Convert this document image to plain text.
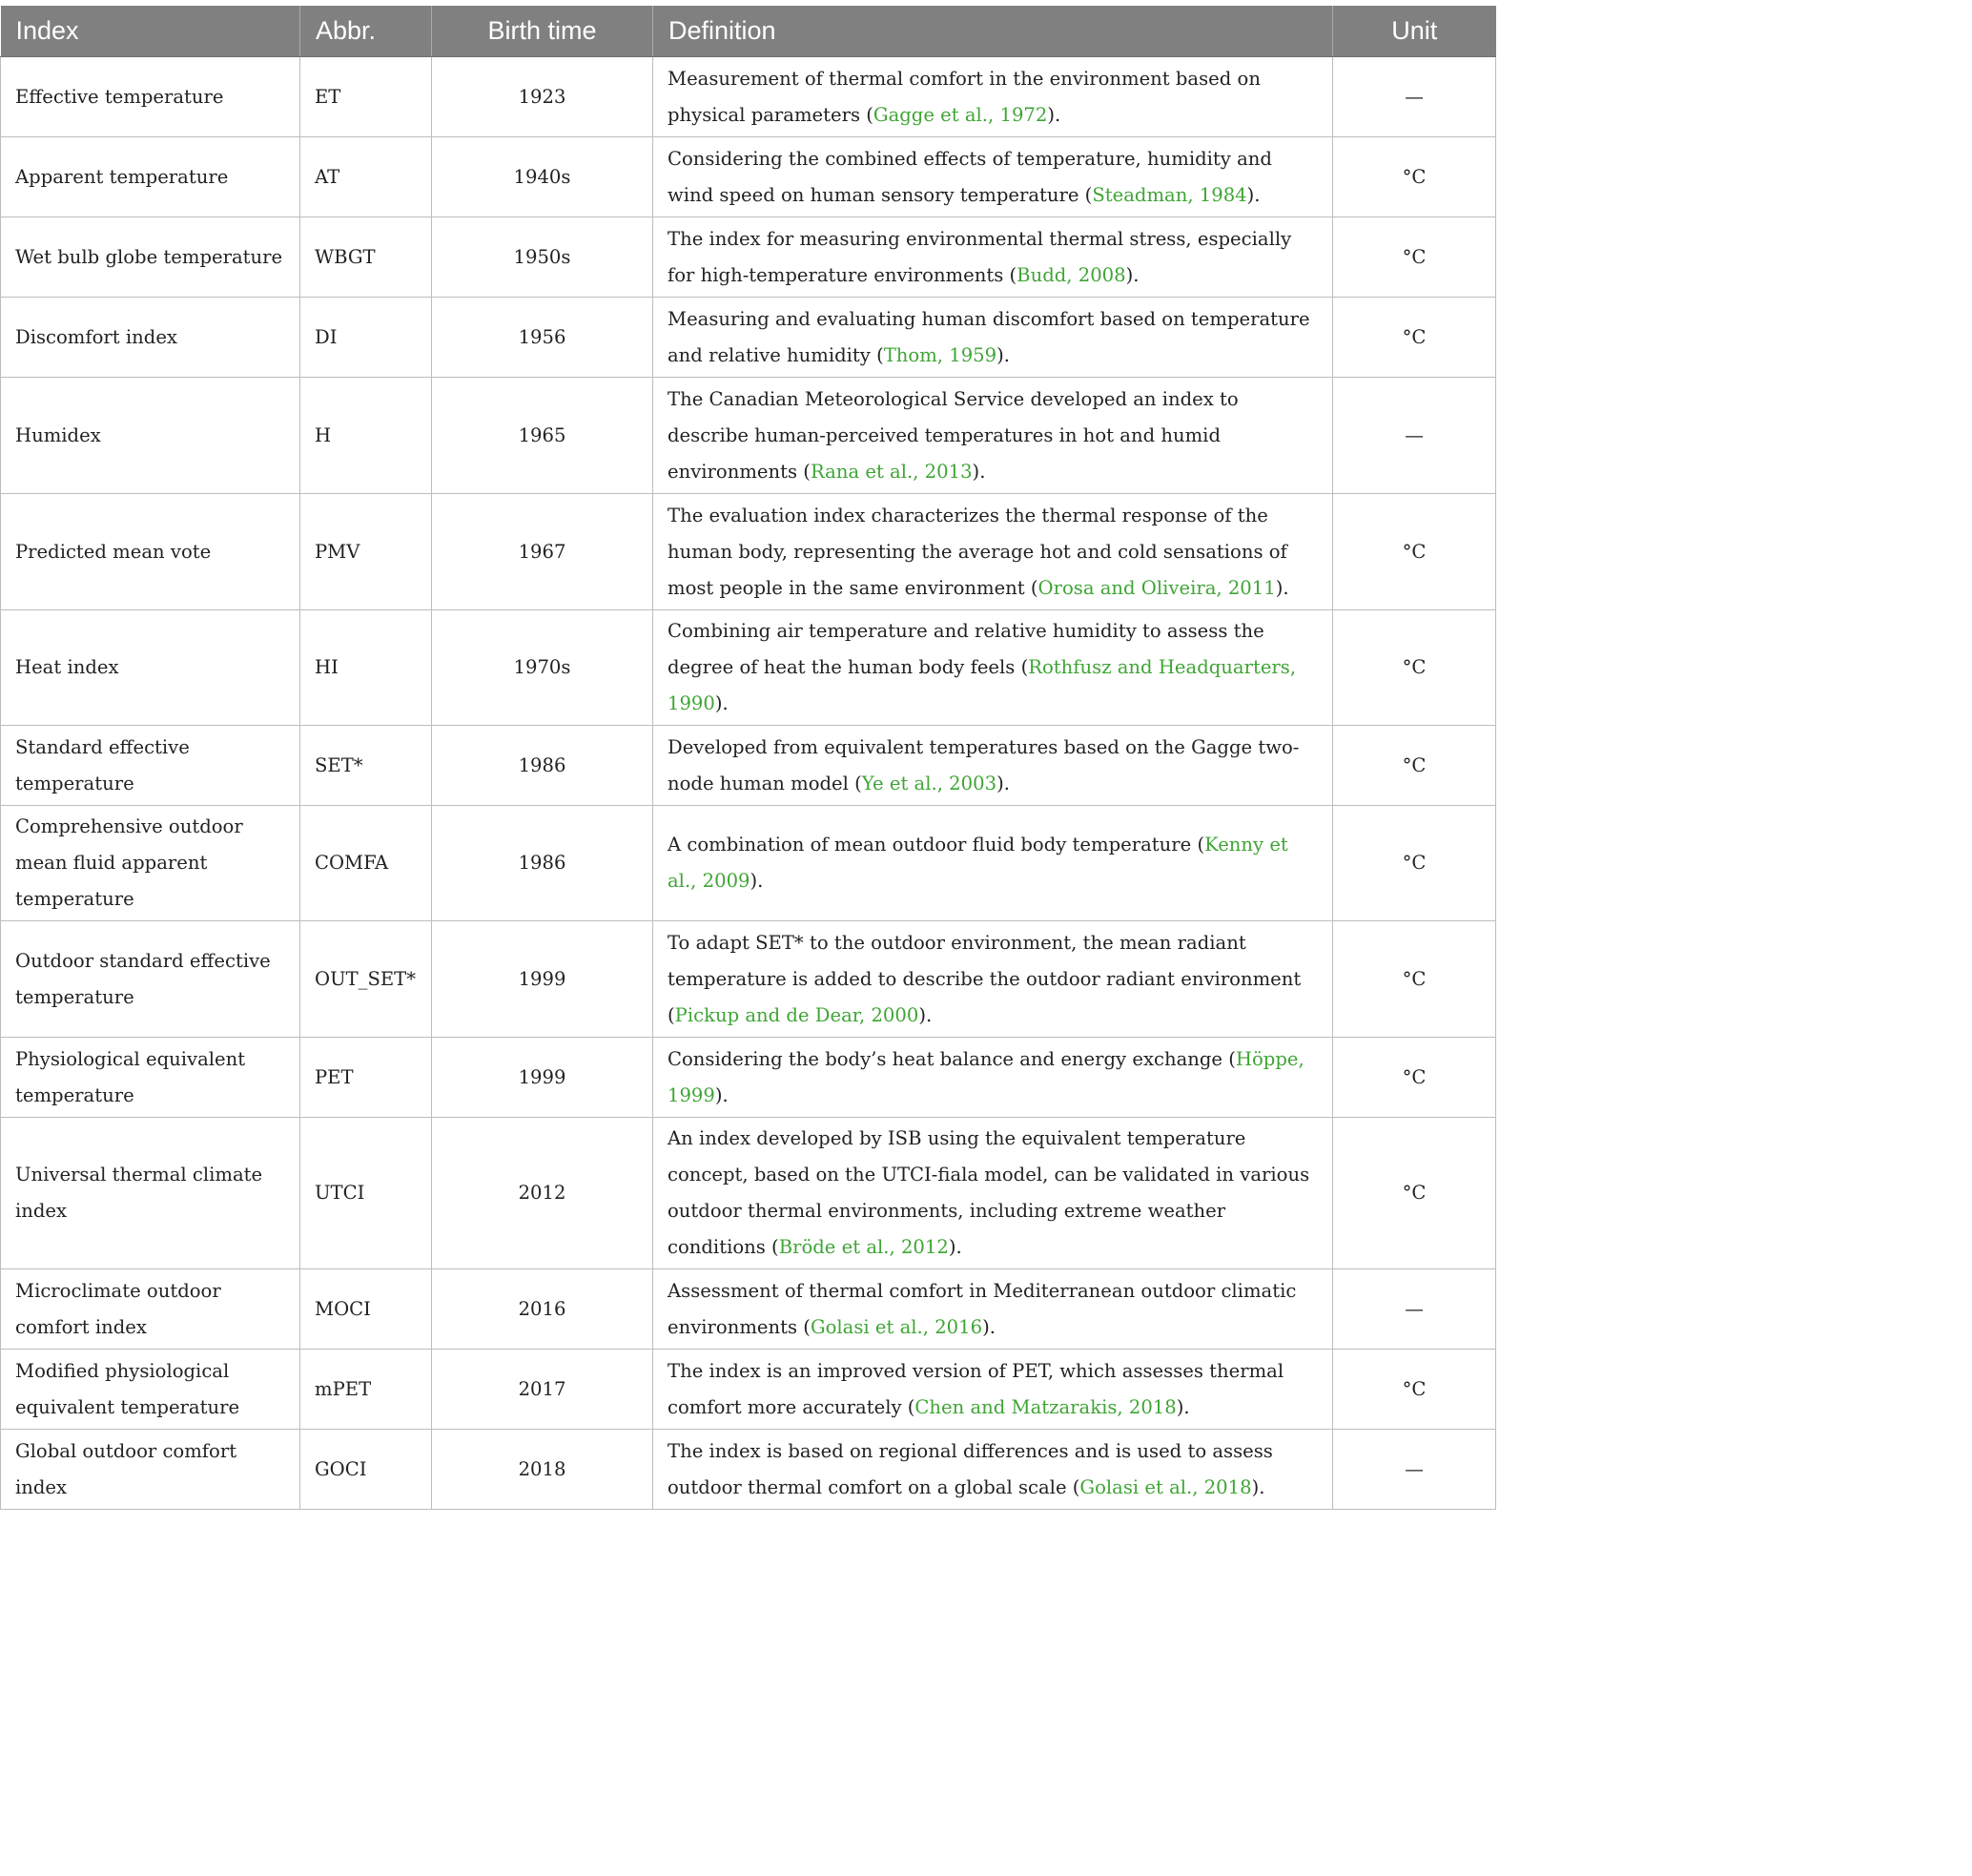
Index	Abbr.	Birth time	Definition	Unit
Effective temperature	ET	1923	Measurement of thermal comfort in the environment based on physical parameters (Gagge et al., 1972).	—
Apparent temperature	AT	1940s	Considering the combined effects of temperature, humidity and wind speed on human sensory temperature (Steadman, 1984).	°C
Wet bulb globe temperature	WBGT	1950s	The index for measuring environmental thermal stress, especially for high-temperature environments (Budd, 2008).	°C
Discomfort index	DI	1956	Measuring and evaluating human discomfort based on temperature and relative humidity (Thom, 1959).	°C
Humidex	H	1965	The Canadian Meteorological Service developed an index to describe human-perceived temperatures in hot and humid environments (Rana et al., 2013).	—
Predicted mean vote	PMV	1967	The evaluation index characterizes the thermal response of the human body, representing the average hot and cold sensations of most people in the same environment (Orosa and Oliveira, 2011).	°C
Heat index	HI	1970s	Combining air temperature and relative humidity to assess the degree of heat the human body feels (Rothfusz and Headquarters, 1990).	°C
Standard effective temperature	SET*	1986	Developed from equivalent temperatures based on the Gagge two-node human model (Ye et al., 2003).	°C
Comprehensive outdoor mean fluid apparent temperature	COMFA	1986	A combination of mean outdoor fluid body temperature (Kenny et al., 2009).	°C
Outdoor standard effective temperature	OUT_SET*	1999	To adapt SET* to the outdoor environment, the mean radiant temperature is added to describe the outdoor radiant environment (Pickup and de Dear, 2000).	°C
Physiological equivalent temperature	PET	1999	Considering the body’s heat balance and energy exchange (Höppe, 1999).	°C
Universal thermal climate index	UTCI	2012	An index developed by ISB using the equivalent temperature concept, based on the UTCI-fiala model, can be validated in various outdoor thermal environments, including extreme weather conditions (Bröde et al., 2012).	°C
Microclimate outdoor comfort index	MOCI	2016	Assessment of thermal comfort in Mediterranean outdoor climatic environments (Golasi et al., 2016).	—
Modified physiological equivalent temperature	mPET	2017	The index is an improved version of PET, which assesses thermal comfort more accurately (Chen and Matzarakis, 2018).	°C
Global outdoor comfort index	GOCI	2018	The index is based on regional differences and is used to assess outdoor thermal comfort on a global scale (Golasi et al., 2018).	—
